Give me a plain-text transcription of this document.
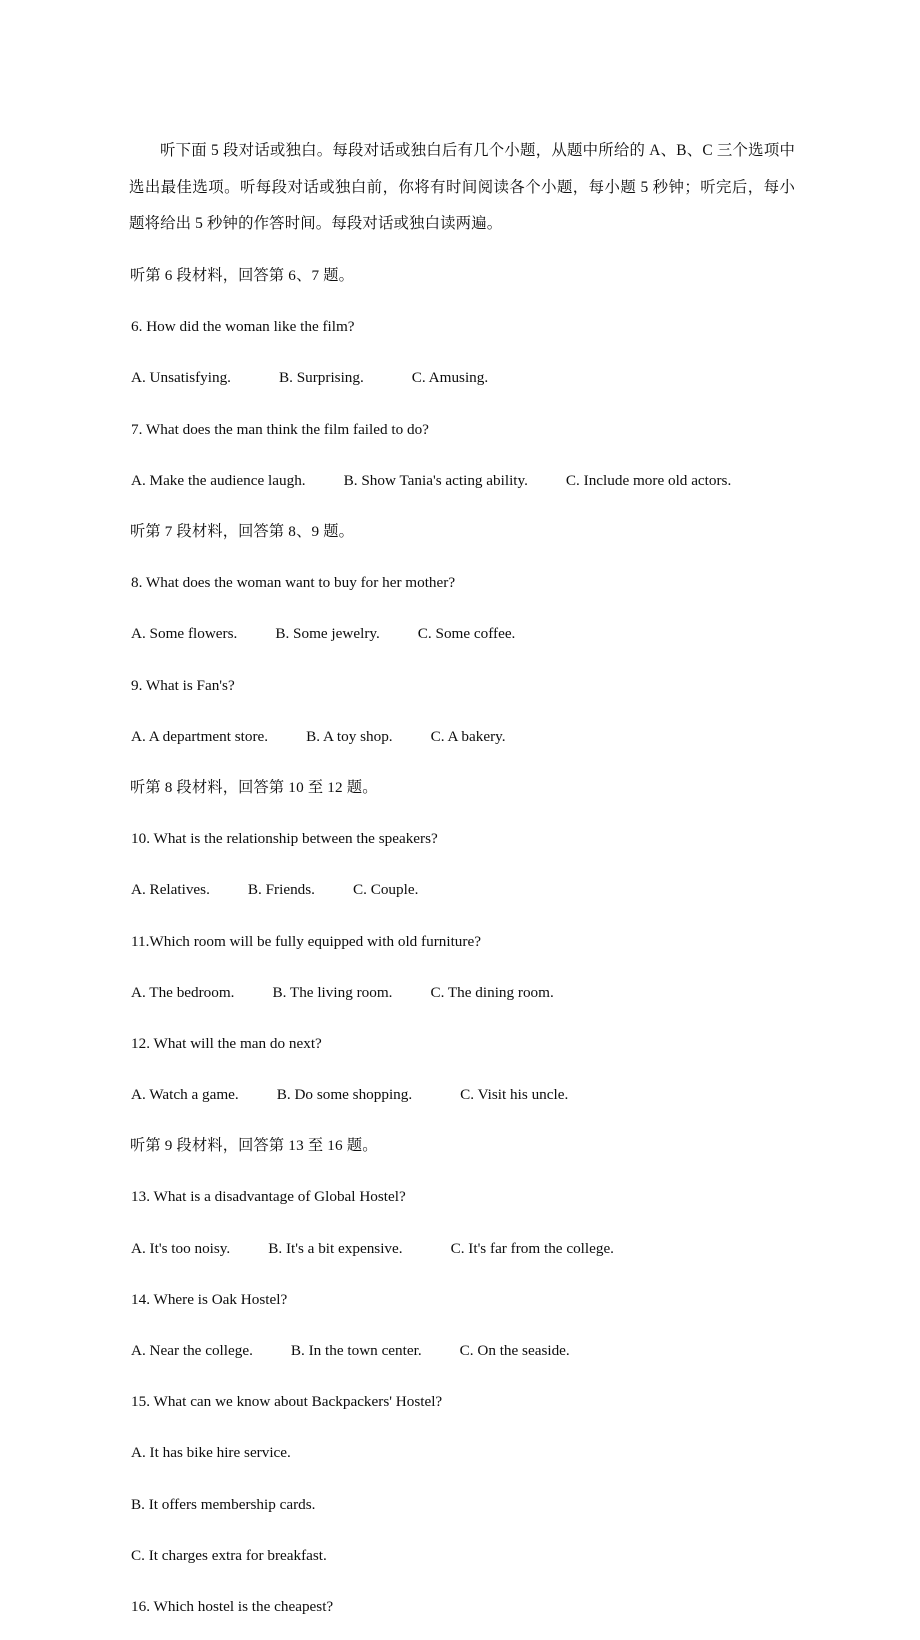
听下面 5 段对话或独白。每段对话或独白后有几个小题，从题中所给的 A、B、C 三个选项中选出最佳选项。听每段对话或独白前，你将有时间阅读各个小题，每小题 5 秒钟；听完后，每小题将给出 5 秒钟的作答时间。每段对话或独白读两遍。

听第 6 段材料，回答第 6、7 题。

6. How did the woman like the film?

A. Unsatisfying.	B. Surprising.	C. Amusing.

7. What does the man think the film failed to do?

A. Make the audience laugh.	B. Show Tania's acting ability.	C. Include more old actors.

听第 7 段材料，回答第 8、9 题。

8. What does the woman want to buy for her mother?

A. Some flowers.	B. Some jewelry.	C. Some coffee.

9. What is Fan's?

A. A department store.	B. A toy shop.	C. A bakery.

听第 8 段材料，回答第 10 至 12 题。

10. What is the relationship between the speakers?

A. Relatives.	B. Friends.	C. Couple.

11.Which room will be fully equipped with old furniture?

A. The bedroom.	B. The living room.	C. The dining room.

12. What will the man do next?

A. Watch a game.	B. Do some shopping.	C. Visit his uncle.

听第 9 段材料，回答第 13 至 16 题。

13. What is a disadvantage of Global Hostel?

A. It's too noisy.	B. It's a bit expensive.	C. It's far from the college.

14. Where is Oak Hostel?

A. Near the college.	B. In the town center.	C. On the seaside.

15. What can we know about Backpackers' Hostel?

A. It has bike hire service.

B. It offers membership cards.

C. It charges extra for breakfast.

16. Which hostel is the cheapest?
